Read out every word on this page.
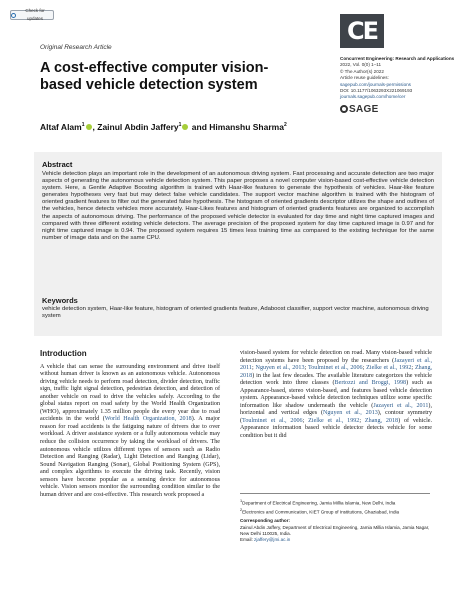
Check for updates
Original Research Article
A cost-effective computer vision-based vehicle detection system
CE
Concurrent Engineering: Research and Applications
2022, Vol. 0(0) 1–11
© The Author(s) 2022
Article reuse guidelines:
sagepub.com/journals-permissions
DOI: 10.1177/1063293X221069193
journals.sagepub.com/home/cer
SAGE
Altaf Alam$^1$ , Zainul Abdin Jaffery$^1$ and Himanshu Sharma$^2$
Abstract

Vehicle detection plays an important role in the development of an autonomous driving system. Fast processing and accurate detection are two major aspects of generating the autonomous vehicle detection system. This paper proposes a novel computer vision-based cost-effective vehicle detection system. Here, a Gentle Adaptive Boosting algorithm is trained with Haar-like features to generate the hypothesis of vehicles. Haar-like feature generates hypotheses very fast but may detect false vehicle candidates. The support vector machine algorithm is trained with the histogram of oriented gradient features to filter out the generated false hypothesis. The histogram of oriented gradients descriptor utilizes the shape and outlines of the vehicles, hence detects vehicles more accurately. Haar-Likes features and histogram of oriented gradients features are organized to accomplish the aspects of autonomous driving. The performance of the proposed vehicle detector is evaluated for day time and night time captured images and compared with three different existing vehicle detectors. The average precision of the proposed system for day time captured image is 0.97 and for night time captured image is 0.94. The proposed system requires 15 times less training time as compared to the existing technique for the same number of image data and on the same CPU.

Keywords
vehicle detection system, Haar-like feature, histogram of oriented gradients feature, Adaboost classifier, support vector machine, autonomous driving system
Introduction

A vehicle that can sense the surrounding environment and drive itself without human driver is known as an autonomous vehicle. Autonomous driving vehicle needs to perform road detection, divider detection, traffic sign, traffic light signal detection, pedestrian detection, and detection of another vehicle on road to drive the vehicles safely. According to the global status report on road safety by the World Health Organization (WHO), approximately 1.35 million people die every year due to road accidents in the world (World Health Organization, 2018). A major reason for road accidents is the fatiguing nature of drivers due to over workload. A driver assistance system or a fully autonomous vehicle may reduce the collision occurrence by taking the workload of drivers. The autonomous vehicle utilizes different types of sensors such as Radio Detection and Ranging (Radar), Light Detection and Ranging (Lidar), Sound Navigation Ranging (Sonar), Global Positioning System (GPS), and complex algorithms to execute the driving task. Recently, vision sensors have become popular as a sensing device for autonomous vehicle. Vision sensors monitor the surrounding condition similar to the human driver and are cost-effective. This research work proposed a

vision-based system for vehicle detection on road. Many vision-based vehicle detection systems have been proposed by the researchers (Jazayeri et al., 2011; Nguyen et al., 2013; Toulminet et al., 2006; Zielke et al., 1992; Zhang, 2018) in the last few decades. The available literature categorizes the vehicle detection work into three classes (Bertozzi and Broggi, 1998) such as Appearance-based, stereo vision-based, and features based vehicle detection system. Appearance-based vehicle detection techniques utilize some specific information like shadow underneath the vehicle (Jazayeri et al., 2011), horizontal and vertical edges (Nguyen et al., 2013), contour symmetry (Toulminet et al., 2006; Zielke et al., 1992; Zhang, 2018) of vehicle. Appearance information based vehicle detector detects vehicle for some condition but it did

$^1$Department of Electrical Engineering, Jamia Millia Islamia, New Delhi, India
$^2$Electronics and Communication, KIET Group of Institutions, Ghaziabad, India
Corresponding author:
Zainul Abdin Jaffery, Department of Electrical Engineering, Jamia Millia Islamia, Jamia Nagar, New Delhi 110025, India.
Email: zjaffery@jmi.ac.in
